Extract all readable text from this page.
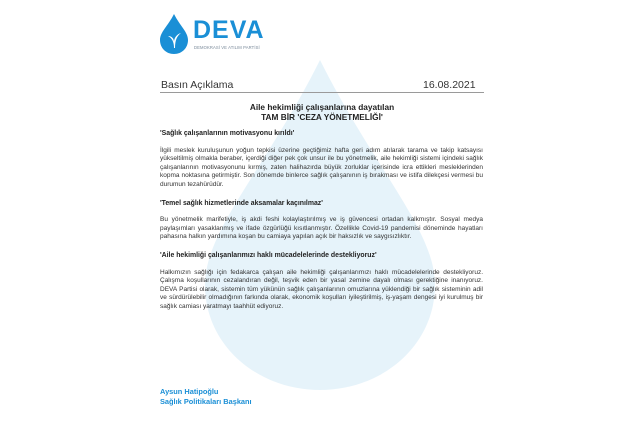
DEVA
DEMOKRASİ VE ATILIM PARTİSİ
Basın Açıklama	16.08.2021
Aile hekimliği çalışanlarına dayatılan
TAM BİR 'CEZA YÖNETMELİĞİ'

'Sağlık çalışanlarının motivasyonu kırıldı'

İlgili meslek kuruluşunun yoğun tepkisi üzerine geçtiğimiz hafta geri adım atılarak tarama ve takip katsayısı yükseltilmiş olmakla beraber, içerdiği diğer pek çok unsur ile bu yönetmelik, aile hekimliği sistemi içindeki sağlık çalışanlarının motivasyonunu kırmış, zaten halihazırda büyük zorluklar içerisinde icra ettikleri mesleklerinden kopma noktasına getirmiştir. Son dönemde binlerce sağlık çalışanının iş bırakması ve istifa dilekçesi vermesi bu durumun tezahürüdür.

'Temel sağlık hizmetlerinde aksamalar kaçınılmaz'

Bu yönetmelik marifetiyle, iş akdi feshi kolaylaştırılmış ve iş güvencesi ortadan kalkmıştır. Sosyal medya paylaşımları yasaklanmış ve ifade özgürlüğü kısıtlanmıştır. Özellikle Covid-19 pandemisi döneminde hayatları pahasına halkın yardımına koşan bu camiaya yapılan açık bir haksızlık ve saygısızlıktır.

'Aile hekimliği çalışanlarımızı haklı mücadelelerinde destekliyoruz'

Halkımızın sağlığı için fedakarca çalışan aile hekimliği çalışanlarımızı haklı mücadelelerinde destekliyoruz. Çalışma koşullarının cezalandıran değil, teşvik eden bir yasal zemine dayalı olması gerektiğine inanıyoruz. DEVA Partisi olarak, sistemin tüm yükünün sağlık çalışanlarının omuzlarına yüklendiği bir sağlık sisteminin adil ve sürdürülebilir olmadığının farkında olarak, ekonomik koşulları iyileştirilmiş, iş-yaşam dengesi iyi kurulmuş bir sağlık camiası yaratmayı taahhüt ediyoruz.

Aysun Hatipoğlu
Sağlık Politikaları Başkanı
